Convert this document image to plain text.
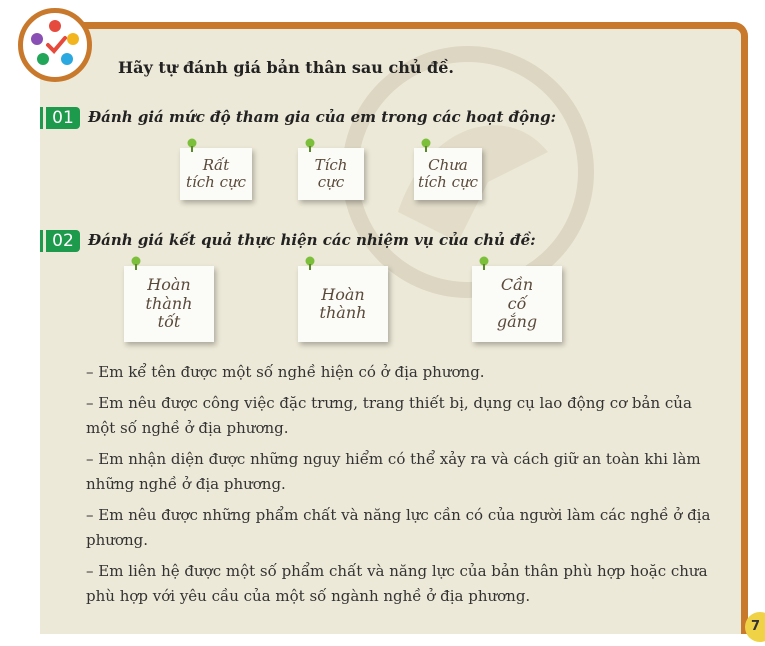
Hãy tự đánh giá bản thân sau chủ đề.
01 Đánh giá mức độ tham gia của em trong các hoạt động:
Rất
tích cực
Tích
cực
Chưa
tích cực
02 Đánh giá kết quả thực hiện các nhiệm vụ của chủ đề:
Hoàn
thành
tốt
Hoàn
thành
Cần
cố
gắng

– Em kể tên được một số nghề hiện có ở địa phương.

– Em nêu được công việc đặc trưng, trang thiết bị, dụng cụ lao động cơ bản của một số nghề ở địa phương.

– Em nhận diện được những nguy hiểm có thể xảy ra và cách giữ an toàn khi làm những nghề ở địa phương.

– Em nêu được những phẩm chất và năng lực cần có của người làm các nghề ở địa phương.

– Em liên hệ được một số phẩm chất và năng lực của bản thân phù hợp hoặc chưa phù hợp với yêu cầu của một số ngành nghề ở địa phương.

7
